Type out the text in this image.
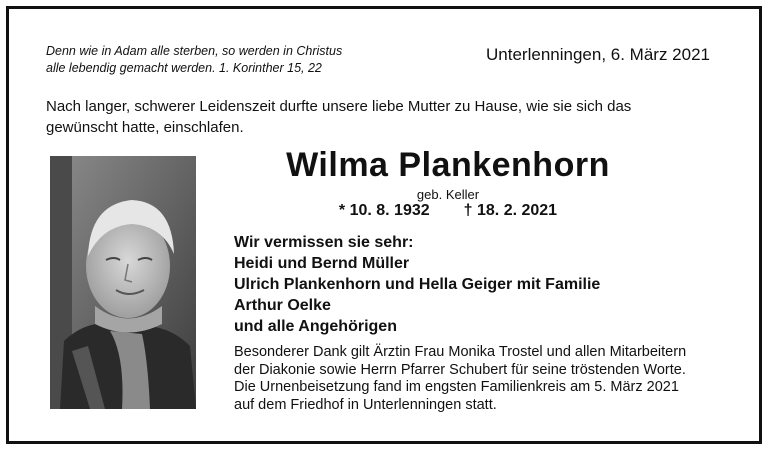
Denn wie in Adam alle sterben, so werden in Christus
alle lebendig gemacht werden. 1. Korinther 15, 22
Unterlenningen, 6. März 2021
Nach langer, schwerer Leidenszeit durfte unsere liebe Mutter zu Hause, wie sie sich das
gewünscht hatte, einschlafen.
Wilma Plankenhorn
geb. Keller
* 10. 8. 1932 † 18. 2. 2021
Wir vermissen sie sehr:
Heidi und Bernd Müller
Ulrich Plankenhorn und Hella Geiger mit Familie
Arthur Oelke
und alle Angehörigen
Besonderer Dank gilt Ärztin Frau Monika Trostel und allen Mitarbeitern
der Diakonie sowie Herrn Pfarrer Schubert für seine tröstenden Worte.
Die Urnenbeisetzung fand im engsten Familienkreis am 5. März 2021
auf dem Friedhof in Unterlenningen statt.
